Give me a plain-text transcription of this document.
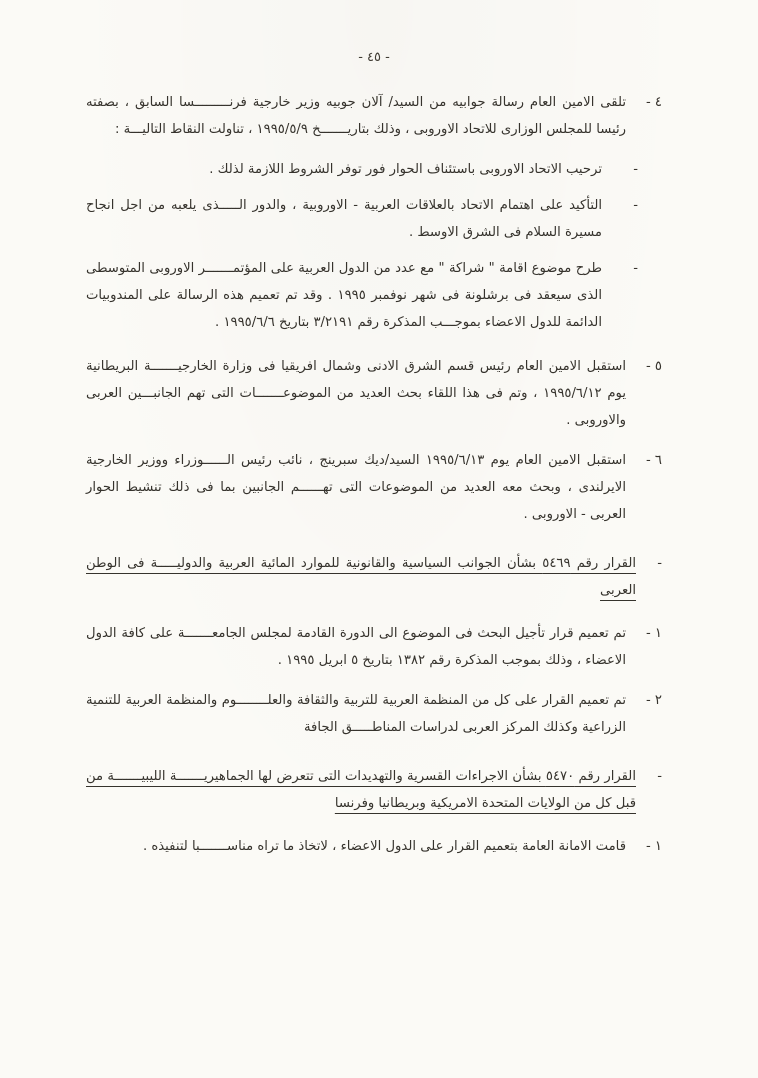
- ٤٥ -
٤ -

تلقى الامين العام رسالة جوابيه من السيد/ آلان جوبيه وزير خارجية فرنـــــــــسا السابق ، بصفته رئيسا للمجلس الوزارى للاتحاد الاوروبى ، وذلك بتاريـــــــخ ١٩٩٥/٥/٩ ، تناولت النقاط التاليـــة :

-

ترحيب الاتحاد الاوروبى باستئناف الحوار فور توفر الشروط اللازمة لذلك .

-

التأكيد على اهتمام الاتحاد بالعلاقات العربية - الاوروبية ، والدور الـــــذى يلعبه من اجل انجاح مسيرة السلام فى الشرق الاوسط .

-

طرح موضوع اقامة " شراكة " مع عدد من الدول العربية على المؤتمـــــــر الاوروبى المتوسطى الذى سيعقد فى برشلونة فى شهر نوفمبر ١٩٩٥ . وقد تم تعميم هذه الرسالة على المندوبيات الدائمة للدول الاعضاء بموجـــب المذكرة رقم ٣/٢١٩١ بتاريخ ١٩٩٥/٦/٦ .

٥ -

استقبل الامين العام رئيس قسم الشرق الادنى وشمال افريقيا فى وزارة الخارجيـــــــة البريطانية يوم ١٩٩٥/٦/١٢ ، وتم فى هذا اللقاء بحث العديد من الموضوعـــــــات التى تهم الجانبـــين العربى والاوروبى .

٦ -

استقبل الامين العام يوم ١٩٩٥/٦/١٣ السيد/ديك سبرينج ، نائب رئيس الــــــوزراء ووزير الخارجية الايرلندى ، وبحث معه العديد من الموضوعات التى تهــــــم الجانبين بما فى ذلك تنشيط الحوار العربى - الاوروبى .

-

القرار رقم ٥٤٦٩ بشأن الجوانب السياسية والقانونية للموارد المائية العربية والدوليـــــة فى الوطن العربى

١ -

تم تعميم قرار تأجيل البحث فى الموضوع الى الدورة القادمة لمجلس الجامعـــــــة على كافة الدول الاعضاء ، وذلك بموجب المذكرة رقم ١٣٨٢ بتاريخ ٥ ابريل ١٩٩٥ .

٢ -

تم تعميم القرار على كل من المنظمة العربية للتربية والثقافة والعلــــــــوم والمنظمة العربية للتنمية الزراعية وكذلك المركز العربى لدراسات المناطـــــق الجافة

-

القرار رقم ٥٤٧٠ بشأن الاجراءات القسرية والتهديدات التى تتعرض لها الجماهيريـــــــة الليبيـــــــة من قبل كل من الولايات المتحدة الامريكية وبريطانيا وفرنسا

١ -

قامت الامانة العامة بتعميم القرار على الدول الاعضاء ، لاتخاذ ما تراه مناســـــــبا لتنفيذه .
